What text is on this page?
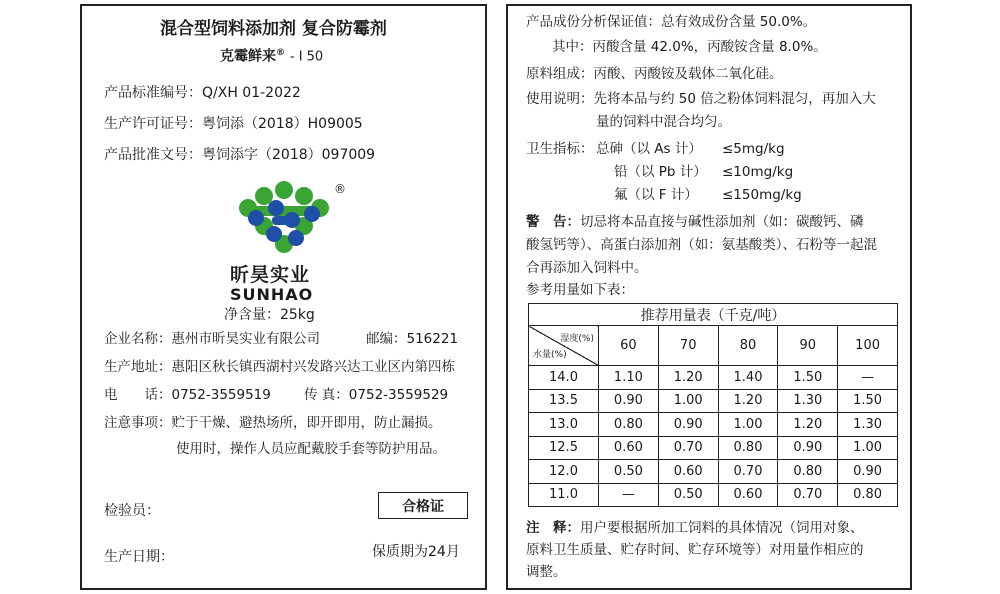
混合型饲料添加剂 复合防霉剂
克霉鲜来® - I 50
产品标准编号：Q/XH 01-2022
生产许可证号：粤饲添（2018）H09005
产品批准文号：粤饲添字（2018）097009
®
昕昊实业
SUNHAO
净含量：25kg
企业名称：惠州市昕昊实业有限公司	邮编：516221
生产地址：惠阳区秋长镇西湖村兴发路兴达工业区内第四栋
电　　话：0752-3559519 传 真：0752-3559529
注意事项：贮于干燥、避热场所，即开即用，防止漏损。
使用时，操作人员应配戴胶手套等防护用品。
检验员：	合格证
生产日期：	保质期为24月
产品成份分析保证值：总有效成份含量 50.0%。
其中：丙酸含量 42.0%，丙酸铵含量 8.0%。
原料组成：丙酸、丙酸铵及载体二氧化硅。
使用说明：先将本品与约 50 倍之粉体饲料混匀，再加入大
量的饲料中混合均匀。
卫生指标： 总砷（以 As 计） ≤5mg/kg
铅（以 Pb 计） ≤10mg/kg
氟（以 F 计） ≤150mg/kg
警　告：切忌将本品直接与碱性添加剂（如：碳酸钙、磷
酸氢钙等）、高蛋白添加剂（如：氨基酸类）、石粉等一起混
合再添加入饲料中。
参考用量如下表：
推荐用量表（千克/吨）					

湿度(%)
水量(%)	60	70	80	90	100
14.0	1.10	1.20	1.40	1.50	—
13.5	0.90	1.00	1.20	1.30	1.50
13.0	0.80	0.90	1.00	1.20	1.30
12.5	0.60	0.70	0.80	0.90	1.00
12.0	0.50	0.60	0.70	0.80	0.90
11.0	—	0.50	0.60	0.70	0.80
注　释：用户要根据所加工饲料的具体情况（饲用对象、
原料卫生质量、贮存时间、贮存环境等）对用量作相应的
调整。
